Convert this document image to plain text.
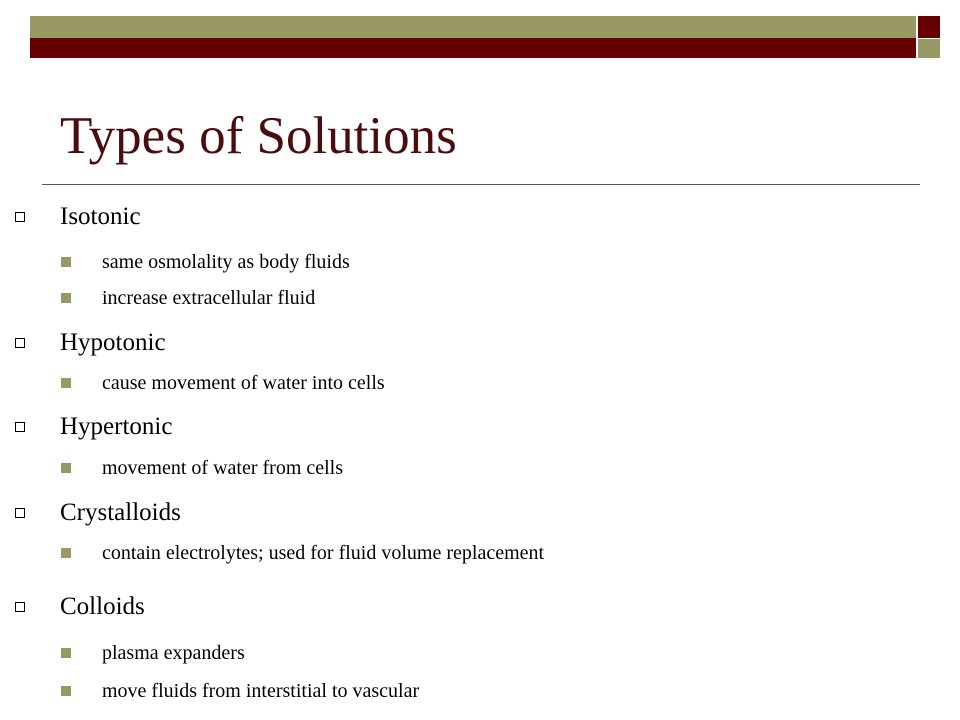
Types of Solutions
Isotonic
same osmolality as body fluids
increase extracellular fluid
Hypotonic
cause movement of water into cells
Hypertonic
movement of water from cells
Crystalloids
contain electrolytes; used for fluid volume replacement
Colloids
plasma expanders
move fluids from interstitial to vascular
